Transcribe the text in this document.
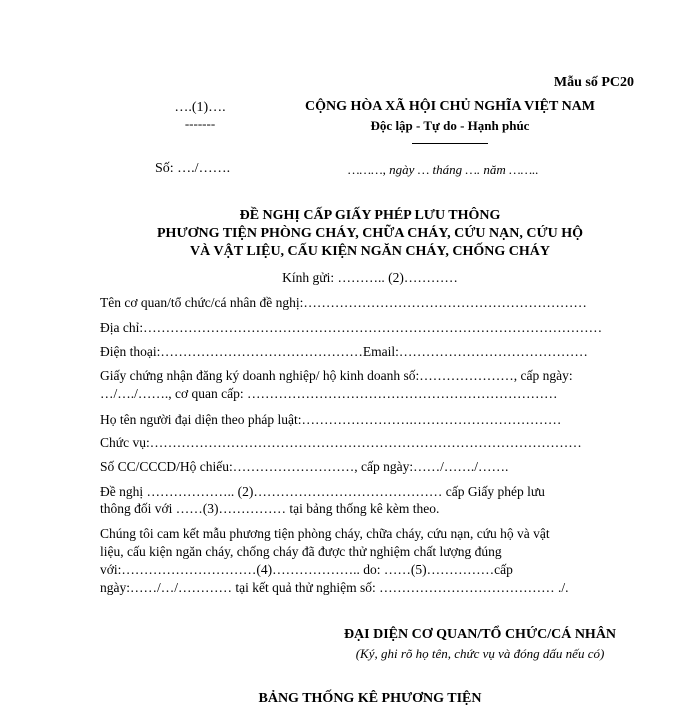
Mẫu số PC20
….(1)….
-------
Số: …./…….
CỘNG HÒA XÃ HỘI CHỦ NGHĨA VIỆT NAM
Độc lập - Tự do - Hạnh phúc
………, ngày … tháng …. năm ……..
ĐỀ NGHỊ CẤP GIẤY PHÉP LƯU THÔNG
PHƯƠNG TIỆN PHÒNG CHÁY, CHỮA CHÁY, CỨU NẠN, CỨU HỘ
VÀ VẬT LIỆU, CẤU KIỆN NGĂN CHÁY, CHỐNG CHÁY
Kính gửi: ……….. (2)…………
Tên cơ quan/tổ chức/cá nhân đề nghị:………………………………………………………
Địa chỉ:…………………………………………………………………………………………
Điện thoại:………………………………………Email:……………………………………
Giấy chứng nhận đăng ký doanh nghiệp/ hộ kinh doanh số:…………………, cấp ngày:
…/…./……., cơ quan cấp: ……………………………………………………………
Họ tên người đại diện theo pháp luật:…………………….……………………………
Chức vụ:……………………………………………………………………………………
Số CC/CCCD/Hộ chiếu:………………………, cấp ngày:……/……./…….
Đề nghị ……………….. (2)…………………………………… cấp Giấy phép lưu
thông đối với ……(3)…………… tại bảng thống kê kèm theo.
Chúng tôi cam kết mẫu phương tiện phòng cháy, chữa cháy, cứu nạn, cứu hộ và vật
liệu, cấu kiện ngăn cháy, chống cháy đã được thử nghiệm chất lượng đúng
với:…………………………(4)……………….. do: ……(5)……………cấp
ngày:……/…/………… tại kết quả thử nghiệm số: ………………………………… ./.
ĐẠI DIỆN CƠ QUAN/TỔ CHỨC/CÁ NHÂN
(Ký, ghi rõ họ tên, chức vụ và đóng dấu nếu có)
BẢNG THỐNG KÊ PHƯƠNG TIỆN
